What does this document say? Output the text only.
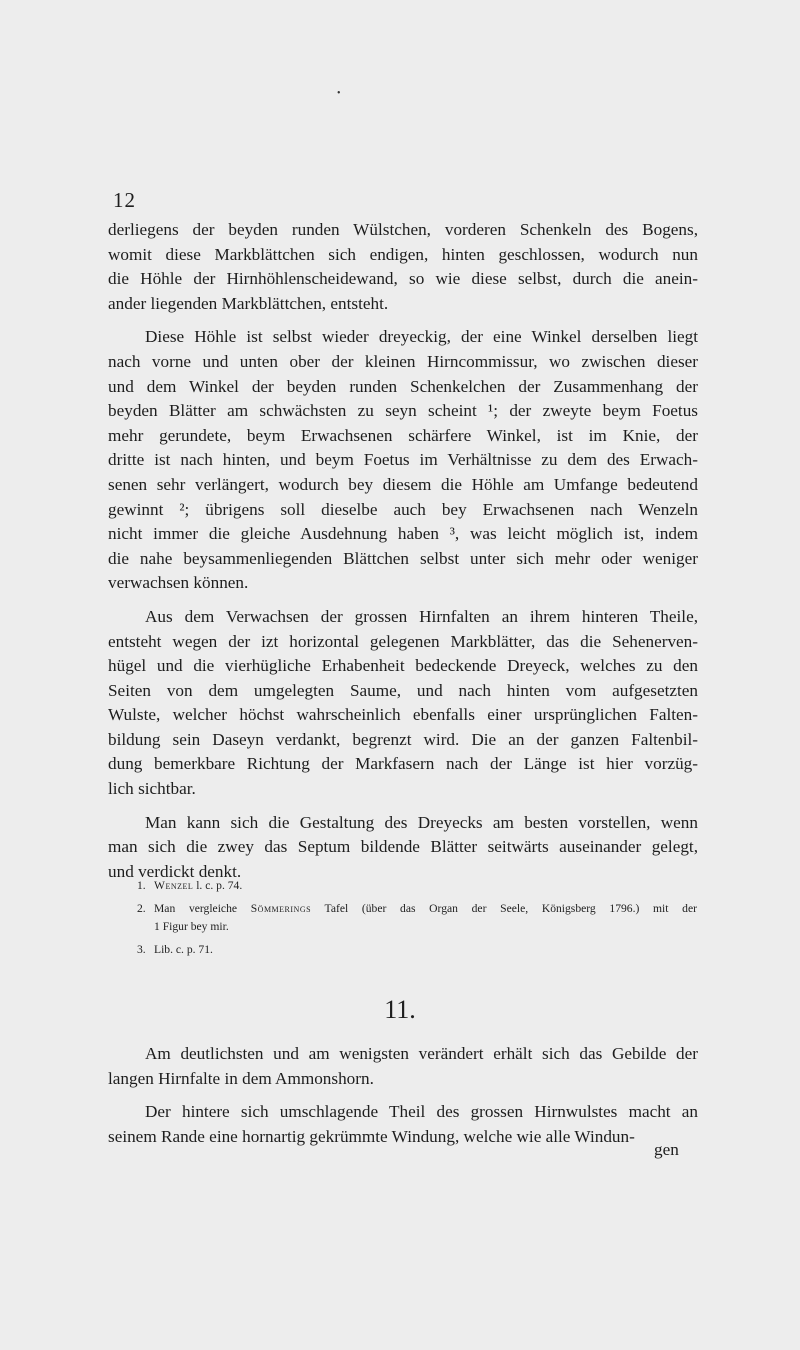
•
12
derliegens der beyden runden Wülstchen, vorderen Schenkeln des Bogens,
womit diese Markblättchen sich endigen, hinten geschlossen, wodurch nun
die Höhle der Hirnhöhlenscheidewand, so wie diese selbst, durch die anein-
ander liegenden Markblättchen, entsteht.
Diese Höhle ist selbst wieder dreyeckig, der eine Winkel derselben liegt
nach vorne und unten ober der kleinen Hirncommissur, wo zwischen dieser
und dem Winkel der beyden runden Schenkelchen der Zusammenhang der
beyden Blätter am schwächsten zu seyn scheint ¹; der zweyte beym Foetus
mehr gerundete, beym Erwachsenen schärfere Winkel, ist im Knie, der
dritte ist nach hinten, und beym Foetus im Verhältnisse zu dem des Erwach-
senen sehr verlängert, wodurch bey diesem die Höhle am Umfange bedeutend
gewinnt ²; übrigens soll dieselbe auch bey Erwachsenen nach Wenzeln
nicht immer die gleiche Ausdehnung haben ³, was leicht möglich ist, indem
die nahe beysammenliegenden Blättchen selbst unter sich mehr oder weniger
verwachsen können.
Aus dem Verwachsen der grossen Hirnfalten an ihrem hinteren Theile,
entsteht wegen der izt horizontal gelegenen Markblätter, das die Sehenerven-
hügel und die vierhügliche Erhabenheit bedeckende Dreyeck, welches zu den
Seiten von dem umgelegten Saume, und nach hinten vom aufgesetzten
Wulste, welcher höchst wahrscheinlich ebenfalls einer ursprünglichen Falten-
bildung sein Daseyn verdankt, begrenzt wird. Die an der ganzen Faltenbil-
dung bemerkbare Richtung der Markfasern nach der Länge ist hier vorzüg-
lich sichtbar.
Man kann sich die Gestaltung des Dreyecks am besten vorstellen, wenn
man sich die zwey das Septum bildende Blätter seitwärts auseinander gelegt,
und verdickt denkt.
1. Wenzel l. c. p. 74.
2. Man vergleiche Sömmerings Tafel (über das Organ der Seele, Königsberg 1796.) mit der
1 Figur bey mir.
3. Lib. c. p. 71.
11.
Am deutlichsten und am wenigsten verändert erhält sich das Gebilde der
langen Hirnfalte in dem Ammonshorn.
Der hintere sich umschlagende Theil des grossen Hirnwulstes macht an
seinem Rande eine hornartig gekrümmte Windung, welche wie alle Windun-
gen
